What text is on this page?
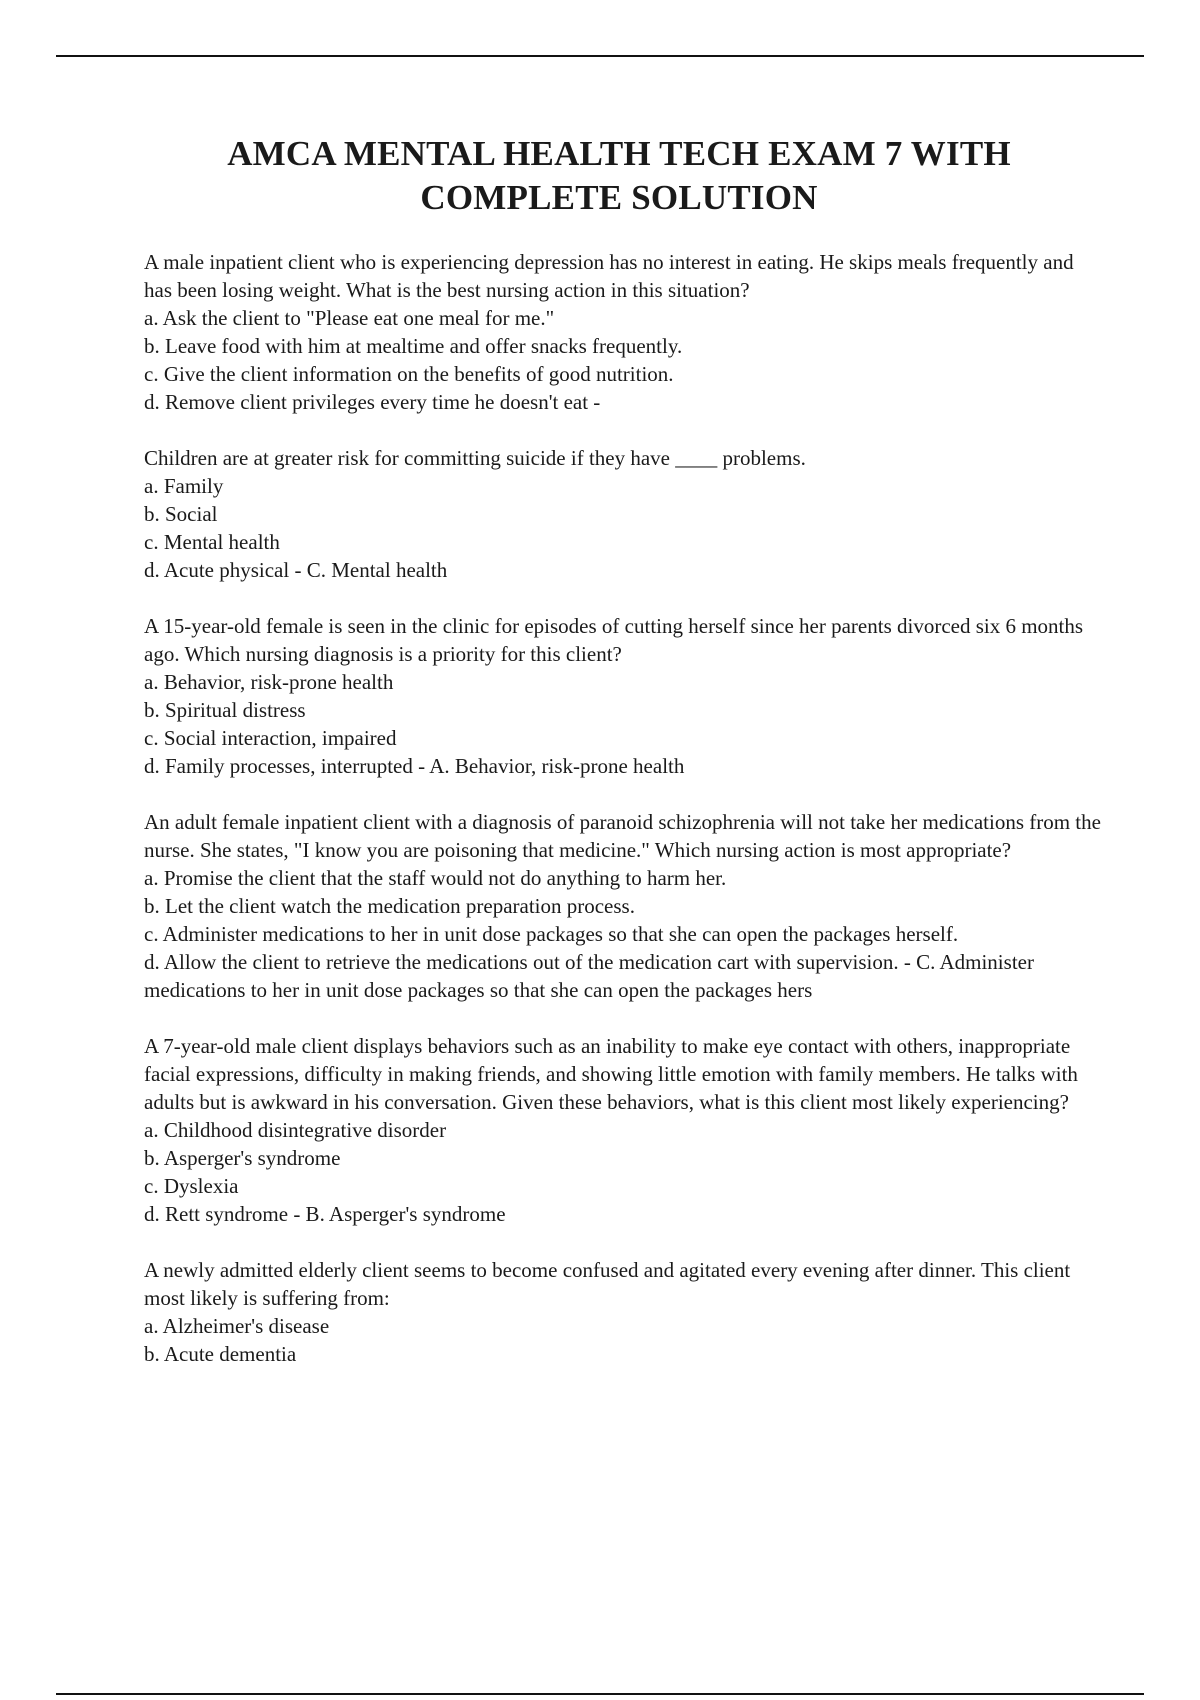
AMCA MENTAL HEALTH TECH EXAM 7 WITH
COMPLETE SOLUTION

A male inpatient client who is experiencing depression has no interest in eating. He skips meals frequently and has been losing weight. What is the best nursing action in this situation?

a. Ask the client to "Please eat one meal for me."
b. Leave food with him at mealtime and offer snacks frequently.
c. Give the client information on the benefits of good nutrition.
d. Remove client privileges every time he doesn't eat -

Children are at greater risk for committing suicide if they have ____ problems.

a. Family
b. Social
c. Mental health
d. Acute physical - C. Mental health

A 15-year-old female is seen in the clinic for episodes of cutting herself since her parents divorced six 6 months ago. Which nursing diagnosis is a priority for this client?

a. Behavior, risk-prone health
b. Spiritual distress
c. Social interaction, impaired
d. Family processes, interrupted - A. Behavior, risk-prone health

An adult female inpatient client with a diagnosis of paranoid schizophrenia will not take her medications from the nurse. She states, "I know you are poisoning that medicine." Which nursing action is most appropriate?

a. Promise the client that the staff would not do anything to harm her.
b. Let the client watch the medication preparation process.
c. Administer medications to her in unit dose packages so that she can open the packages herself.
d. Allow the client to retrieve the medications out of the medication cart with supervision. - C. Administer medications to her in unit dose packages so that she can open the packages hers

A 7-year-old male client displays behaviors such as an inability to make eye contact with others, inappropriate facial expressions, difficulty in making friends, and showing little emotion with family members. He talks with adults but is awkward in his conversation. Given these behaviors, what is this client most likely experiencing?

a. Childhood disintegrative disorder
b. Asperger's syndrome
c. Dyslexia
d. Rett syndrome - B. Asperger's syndrome

A newly admitted elderly client seems to become confused and agitated every evening after dinner. This client most likely is suffering from:

a. Alzheimer's disease
b. Acute dementia
